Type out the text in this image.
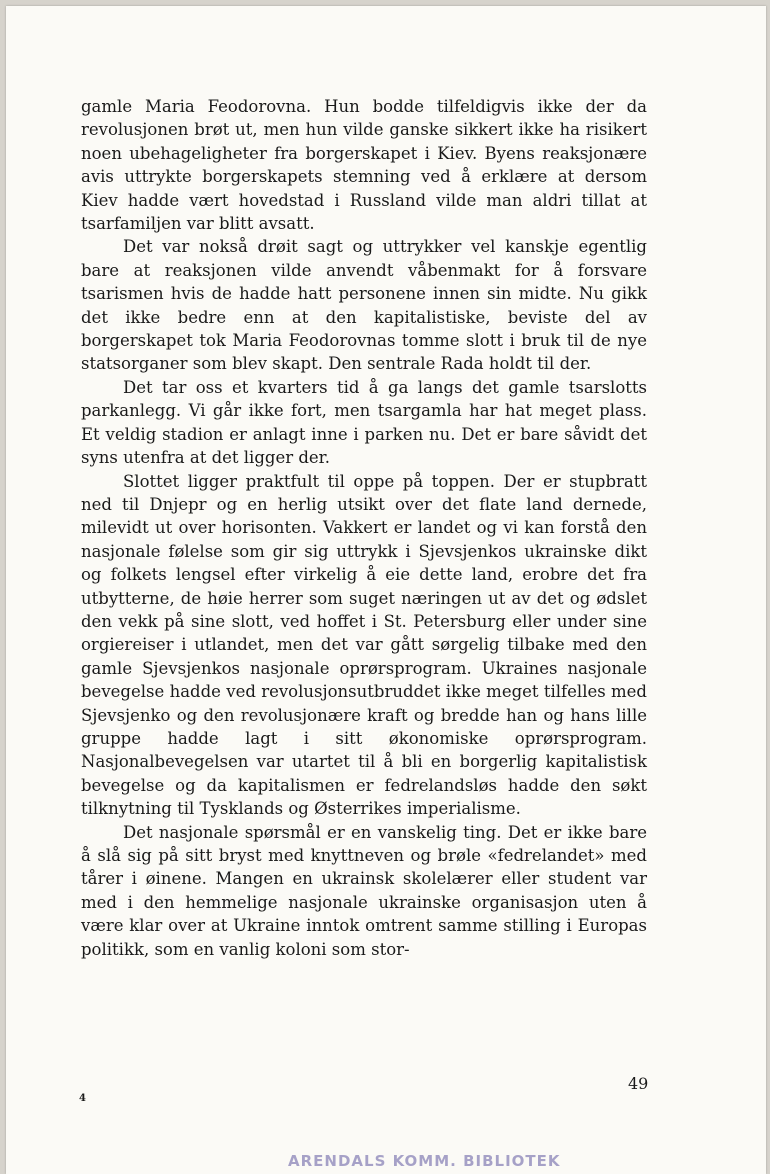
gamle Maria Feodorovna. Hun bodde tilfeldigvis ikke der da revolusjonen brøt ut, men hun vilde ganske sikkert ikke ha risikert noen ubehageligheter fra borgerskapet i Kiev. Byens reaksjonære avis uttrykte borgerskapets stemning ved å erklære at dersom Kiev hadde vært hovedstad i Russland vilde man aldri tillat at tsarfamiljen var blitt avsatt.

Det var nokså drøit sagt og uttrykker vel kanskje egentlig bare at reaksjonen vilde anvendt våbenmakt for å forsvare tsarismen hvis de hadde hatt personene innen sin midte. Nu gikk det ikke bedre enn at den kapitalistiske, beviste del av borgerskapet tok Maria Feodorovnas tomme slott i bruk til de nye statsorganer som blev skapt. Den sentrale Rada holdt til der.

Det tar oss et kvarters tid å ga langs det gamle tsarslotts parkanlegg. Vi går ikke fort, men tsargamla har hat meget plass. Et veldig stadion er anlagt inne i parken nu. Det er bare såvidt det syns utenfra at det ligger der.

Slottet ligger praktfult til oppe på toppen. Der er stupbratt ned til Dnjepr og en herlig utsikt over det flate land dernede, milevidt ut over horisonten. Vakkert er landet og vi kan forstå den nasjonale følelse som gir sig uttrykk i Sjevsjenkos ukrainske dikt og folkets lengsel efter virkelig å eie dette land, erobre det fra utbytterne, de høie herrer som suget næringen ut av det og ødslet den vekk på sine slott, ved hoffet i St. Petersburg eller under sine orgiereiser i utlandet, men det var gått sørgelig tilbake med den gamle Sjevsjenkos nasjonale oprørsprogram. Ukraines nasjonale bevegelse hadde ved revolusjonsutbruddet ikke meget tilfelles med Sjevsjenko og den revolusjonære kraft og bredde han og hans lille gruppe hadde lagt i sitt økonomiske oprørsprogram. Nasjonalbevegelsen var utartet til å bli en borgerlig kapitalistisk bevegelse og da kapitalismen er fedrelandsløs hadde den søkt tilknytning til Tysklands og Østerrikes imperialisme.

Det nasjonale spørsmål er en vanskelig ting. Det er ikke bare å slå sig på sitt bryst med knyttneven og brøle «fedrelandet» med tårer i øinene. Mangen en ukrainsk skolelærer eller student var med i den hemmelige nasjonale ukrainske organisasjon uten å være klar over at Ukraine inntok omtrent samme stilling i Europas politikk, som en vanlig koloni som stor-

4
49
ARENDALS KOMM. BIBLIOTEK
